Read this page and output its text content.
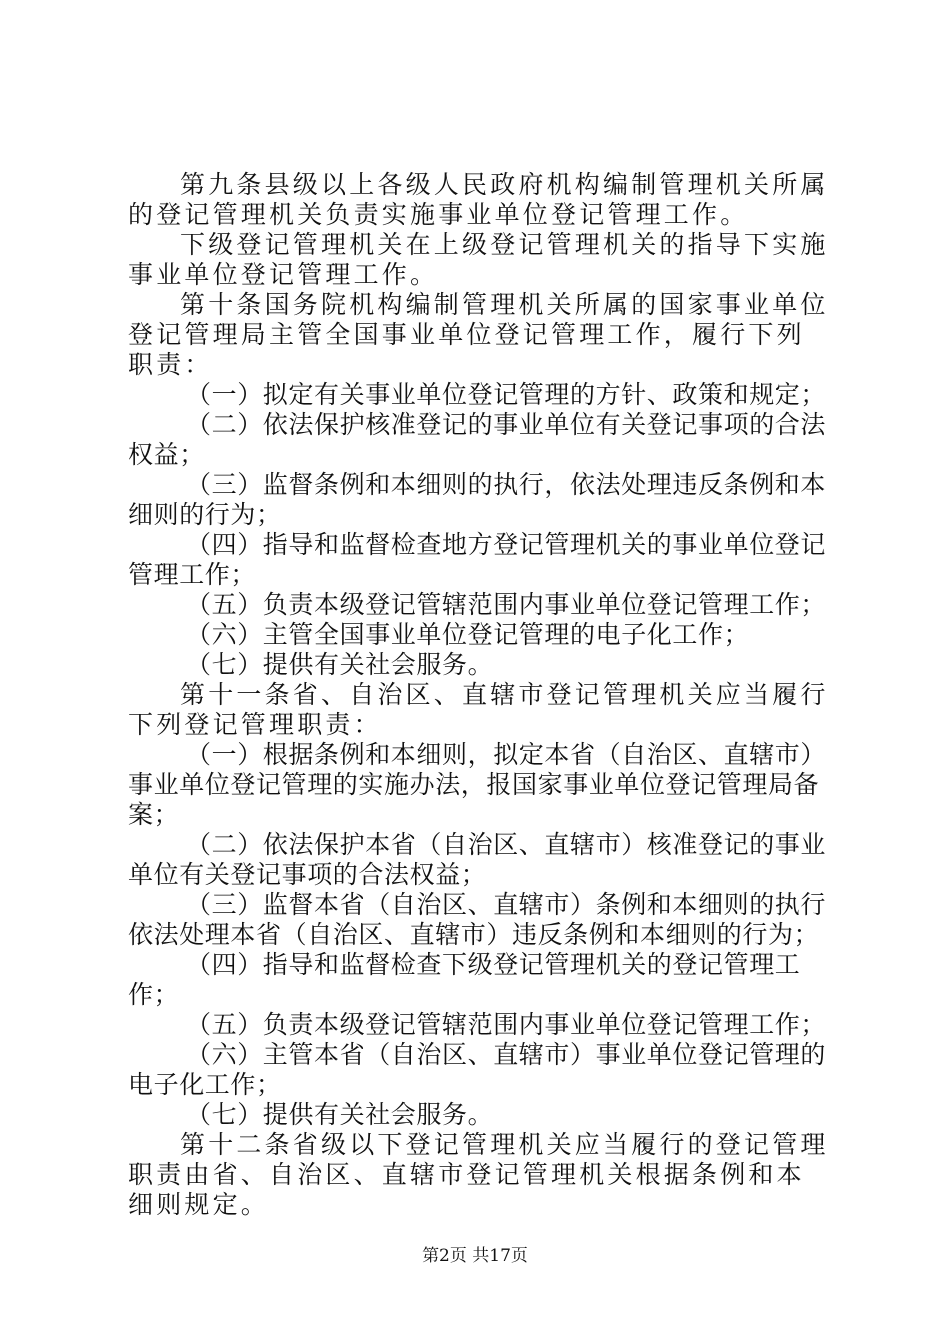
第九条县级以上各级人民政府机构编制管理机关所属的登记管理机关负责实施事业单位登记管理工作。

下级登记管理机关在上级登记管理机关的指导下实施事业单位登记管理工作。

第十条国务院机构编制管理机关所属的国家事业单位登记管理局主管全国事业单位登记管理工作，履行下列职责：

（一）拟定有关事业单位登记管理的方针、政策和规定；

（二）依法保护核准登记的事业单位有关登记事项的合法权益；

（三）监督条例和本细则的执行，依法处理违反条例和本细则的行为；

（四）指导和监督检查地方登记管理机关的事业单位登记管理工作；

（五）负责本级登记管辖范围内事业单位登记管理工作；

（六）主管全国事业单位登记管理的电子化工作；

（七）提供有关社会服务。

第十一条省、自治区、直辖市登记管理机关应当履行下列登记管理职责：

（一）根据条例和本细则，拟定本省（自治区、直辖市）事业单位登记管理的实施办法，报国家事业单位登记管理局备案；

（二）依法保护本省（自治区、直辖市）核准登记的事业单位有关登记事项的合法权益；

（三）监督本省（自治区、直辖市）条例和本细则的执行依法处理本省（自治区、直辖市）违反条例和本细则的行为；

（四）指导和监督检查下级登记管理机关的登记管理工作；

（五）负责本级登记管辖范围内事业单位登记管理工作；

（六）主管本省（自治区、直辖市）事业单位登记管理的电子化工作；

（七）提供有关社会服务。

第十二条省级以下登记管理机关应当履行的登记管理职责由省、自治区、直辖市登记管理机关根据条例和本细则规定。

第2页 共17页
